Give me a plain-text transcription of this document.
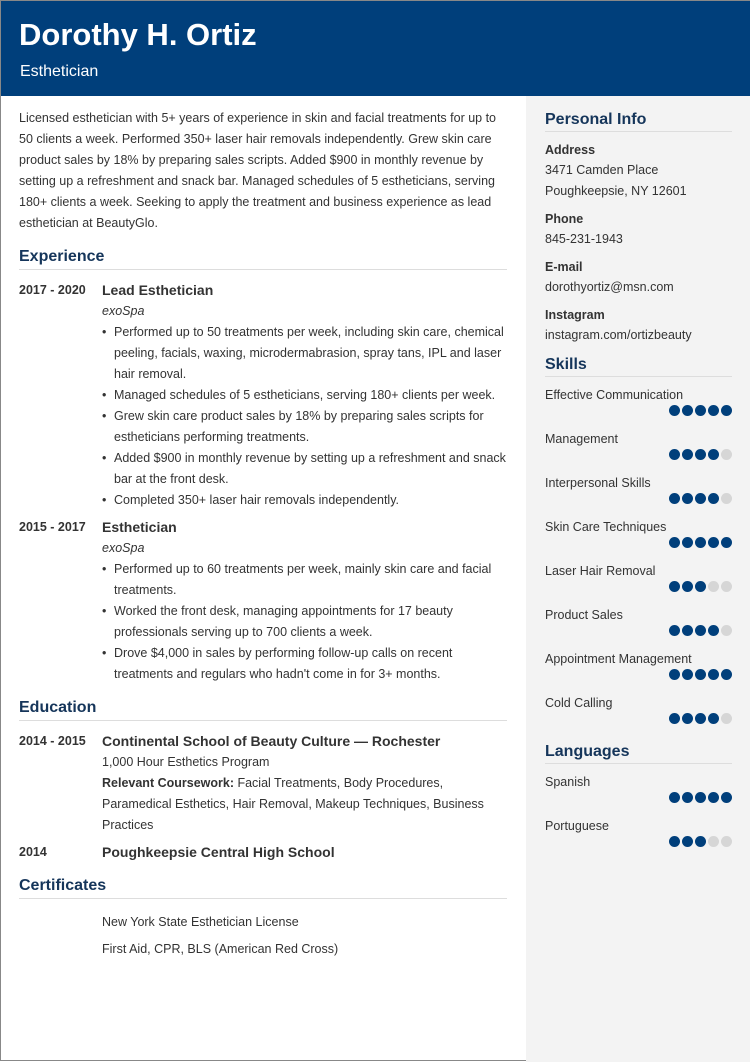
Dorothy H. Ortiz
Esthetician

Licensed esthetician with 5+ years of experience in skin and facial treatments for up to 50 clients a week. Performed 350+ laser hair removals independently. Grew skin care product sales by 18% by preparing sales scripts. Added $900 in monthly revenue by setting up a refreshment and snack bar. Managed schedules of 5 estheticians, serving 180+ clients a week. Seeking to apply the treatment and business experience as lead esthetician at BeautyGlo.

Experience
2017 - 2020	Lead Esthetician
exoSpa
• Performed up to 50 treatments per week, including skin care, chemical peeling, facials, waxing, microdermabrasion, spray tans, IPL and laser hair removal.
• Managed schedules of 5 estheticians, serving 180+ clients per week.
• Grew skin care product sales by 18% by preparing sales scripts for estheticians performing treatments.
• Added $900 in monthly revenue by setting up a refreshment and snack bar at the front desk.
• Completed 350+ laser hair removals independently.
2015 - 2017	Esthetician
exoSpa
• Performed up to 60 treatments per week, mainly skin care and facial treatments.
• Worked the front desk, managing appointments for 17 beauty professionals serving up to 700 clients a week.
• Drove $4,000 in sales by performing follow-up calls on recent treatments and regulars who hadn't come in for 3+ months.
Education
2014 - 2015	Continental School of Beauty Culture — Rochester
1,000 Hour Esthetics Program
Relevant Coursework: Facial Treatments, Body Procedures, Paramedical Esthetics, Hair Removal, Makeup Techniques, Business Practices
2014	Poughkeepsie Central High School
Certificates
New York State Esthetician License
First Aid, CPR, BLS (American Red Cross)
Personal Info
Address
3471 Camden Place
Poughkeepsie, NY 12601
Phone
845-231-1943
E-mail
dorothyortiz@msn.com
Instagram
instagram.com/ortizbeauty
Skills
Effective Communication
Management
Interpersonal Skills
Skin Care Techniques
Laser Hair Removal
Product Sales
Appointment Management
Cold Calling
Languages
Spanish
Portuguese
